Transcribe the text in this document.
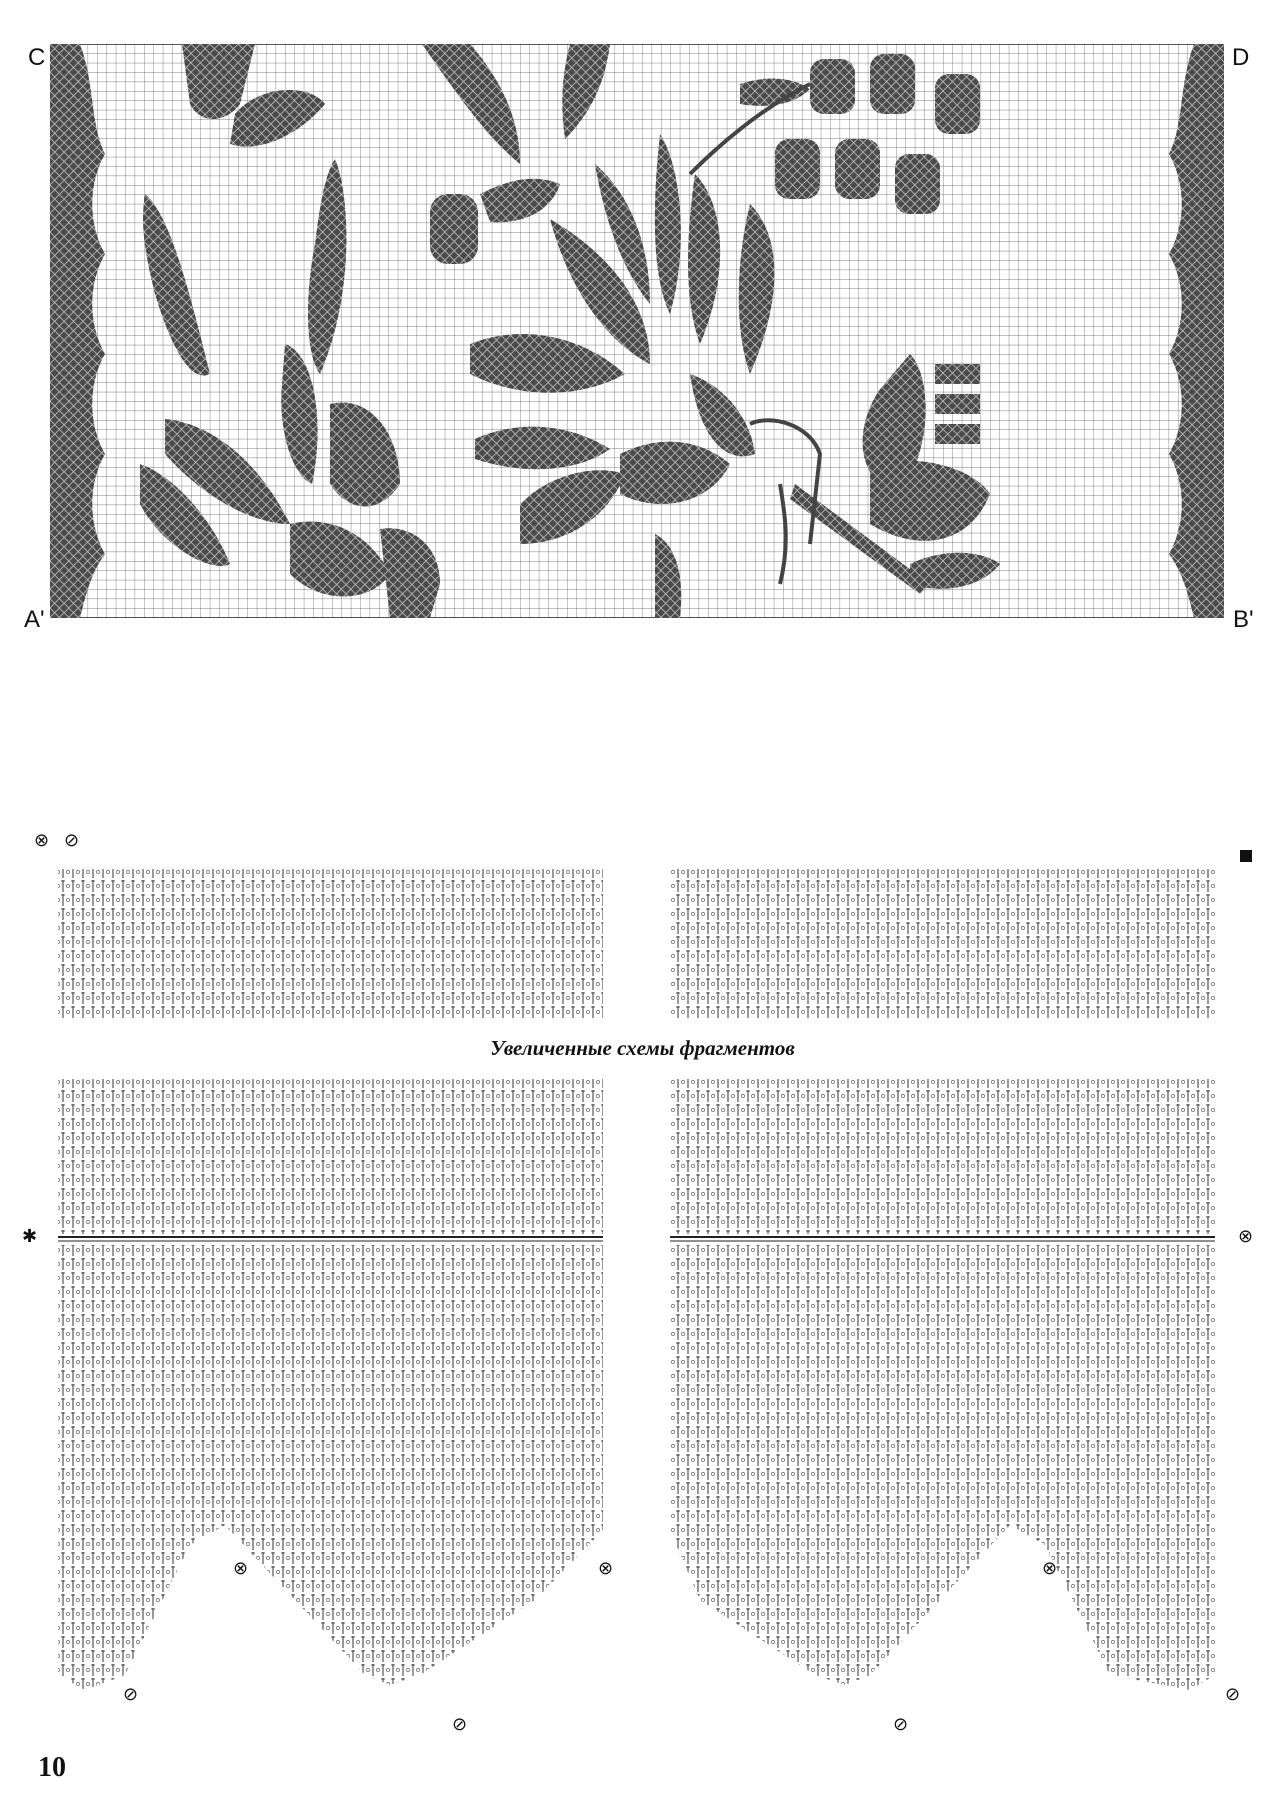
C	D
A'	B'
Увеличенные схемы фрагментов
⊗ ⊘
✱	⊗
⊗	⊗	⊗
⊘
⊘	⊘
⊘
10
